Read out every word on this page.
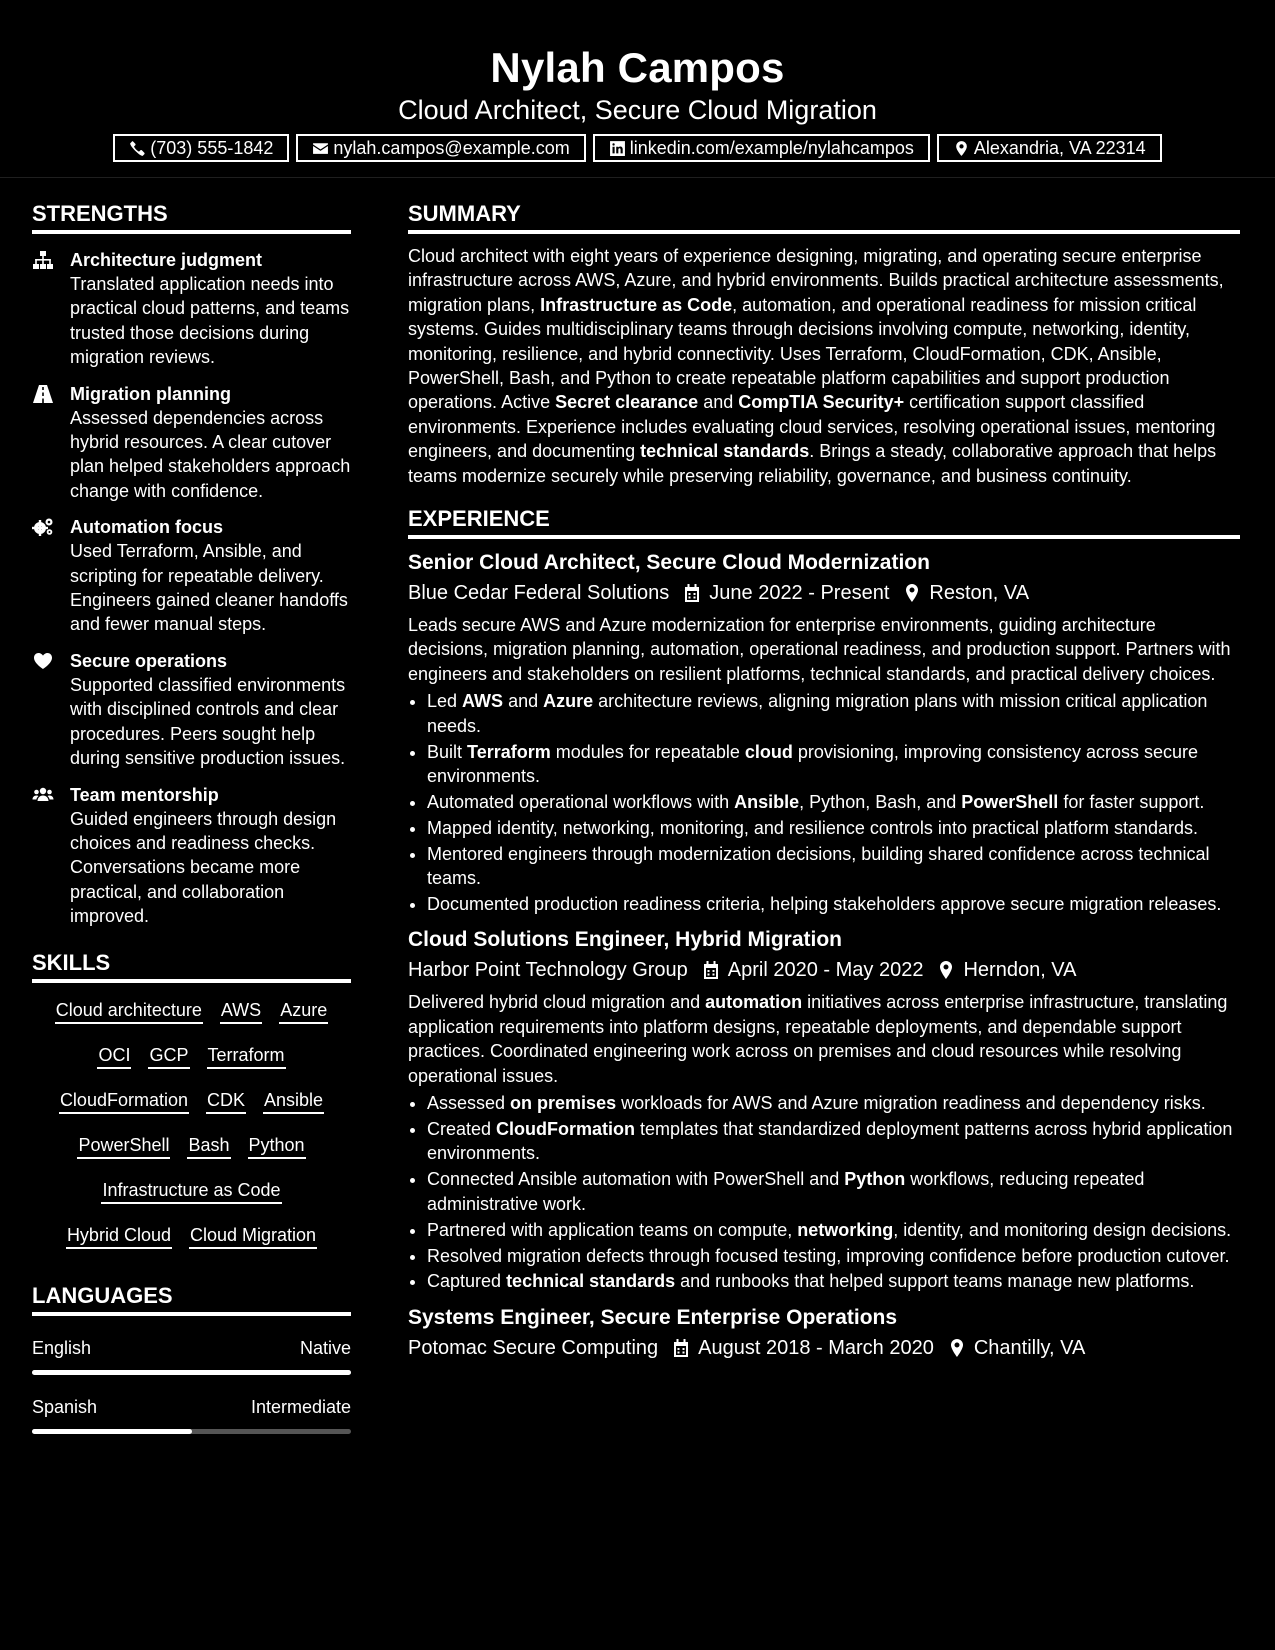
Nylah Campos
Cloud Architect, Secure Cloud Migration
(703) 555-1842	nylah.campos@example.com	linkedin.com/example/nylahcampos	Alexandria, VA 22314
STRENGTHS
Architecture judgment
Translated application needs into practical cloud patterns, and teams trusted those decisions during migration reviews.
Migration planning
Assessed dependencies across hybrid resources. A clear cutover plan helped stakeholders approach change with confidence.
Automation focus
Used Terraform, Ansible, and scripting for repeatable delivery. Engineers gained cleaner handoffs and fewer manual steps.
Secure operations
Supported classified environments with disciplined controls and clear procedures. Peers sought help during sensitive production issues.
Team mentorship
Guided engineers through design choices and readiness checks. Conversations became more practical, and collaboration improved.
SKILLS
Cloud architecture AWS Azure
OCI GCP Terraform
CloudFormation CDK Ansible
PowerShell Bash Python
Infrastructure as Code
Hybrid Cloud Cloud Migration
LANGUAGES
English	Native
Spanish	Intermediate
SUMMARY
Cloud architect with eight years of experience designing, migrating, and operating secure enterprise infrastructure across AWS, Azure, and hybrid environments. Builds practical architecture assessments, migration plans, Infrastructure as Code, automation, and operational readiness for mission critical systems. Guides multidisciplinary teams through decisions involving compute, networking, identity, monitoring, resilience, and hybrid connectivity. Uses Terraform, CloudFormation, CDK, Ansible, PowerShell, Bash, and Python to create repeatable platform capabilities and support production operations. Active Secret clearance and CompTIA Security+ certification support classified environments. Experience includes evaluating cloud services, resolving operational issues, mentoring engineers, and documenting technical standards. Brings a steady, collaborative approach that helps teams modernize securely while preserving reliability, governance, and business continuity.
EXPERIENCE
Senior Cloud Architect, Secure Cloud Modernization
Blue Cedar Federal Solutions June 2022 - Present Reston, VA
Leads secure AWS and Azure modernization for enterprise environments, guiding architecture decisions, migration planning, automation, operational readiness, and production support. Partners with engineers and stakeholders on resilient platforms, technical standards, and practical delivery choices.
• Led AWS and Azure architecture reviews, aligning migration plans with mission critical application needs.
• Built Terraform modules for repeatable cloud provisioning, improving consistency across secure environments.
• Automated operational workflows with Ansible, Python, Bash, and PowerShell for faster support.
• Mapped identity, networking, monitoring, and resilience controls into practical platform standards.
• Mentored engineers through modernization decisions, building shared confidence across technical teams.
• Documented production readiness criteria, helping stakeholders approve secure migration releases.
Cloud Solutions Engineer, Hybrid Migration
Harbor Point Technology Group April 2020 - May 2022 Herndon, VA
Delivered hybrid cloud migration and automation initiatives across enterprise infrastructure, translating application requirements into platform designs, repeatable deployments, and dependable support practices. Coordinated engineering work across on premises and cloud resources while resolving operational issues.
• Assessed on premises workloads for AWS and Azure migration readiness and dependency risks.
• Created CloudFormation templates that standardized deployment patterns across hybrid application environments.
• Connected Ansible automation with PowerShell and Python workflows, reducing repeated administrative work.
• Partnered with application teams on compute, networking, identity, and monitoring design decisions.
• Resolved migration defects through focused testing, improving confidence before production cutover.
• Captured technical standards and runbooks that helped support teams manage new platforms.
Systems Engineer, Secure Enterprise Operations
Potomac Secure Computing August 2018 - March 2020 Chantilly, VA
